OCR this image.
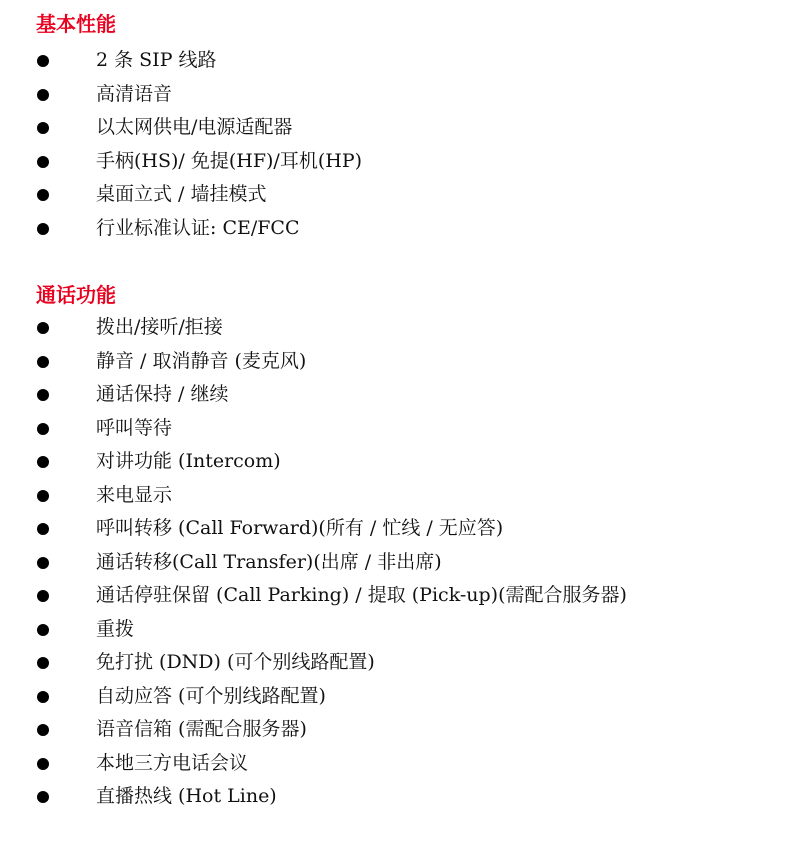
基本性能
2 条 SIP 线路
高清语音
以太网供电/电源适配器
手柄(HS)/ 免提(HF)/耳机(HP)
桌面立式 / 墙挂模式
行业标准认证: CE/FCC
通话功能
拨出/接听/拒接
静音 / 取消静音 (麦克风)
通话保持 / 继续
呼叫等待
对讲功能 (Intercom)
来电显示
呼叫转移 (Call Forward)(所有 / 忙线 / 无应答)
通话转移(Call Transfer)(出席 / 非出席)
通话停驻保留 (Call Parking) / 提取 (Pick-up)(需配合服务器)
重拨
免打扰 (DND) (可个别线路配置)
自动应答 (可个别线路配置)
语音信箱 (需配合服务器)
本地三方电话会议
直播热线 (Hot Line)
